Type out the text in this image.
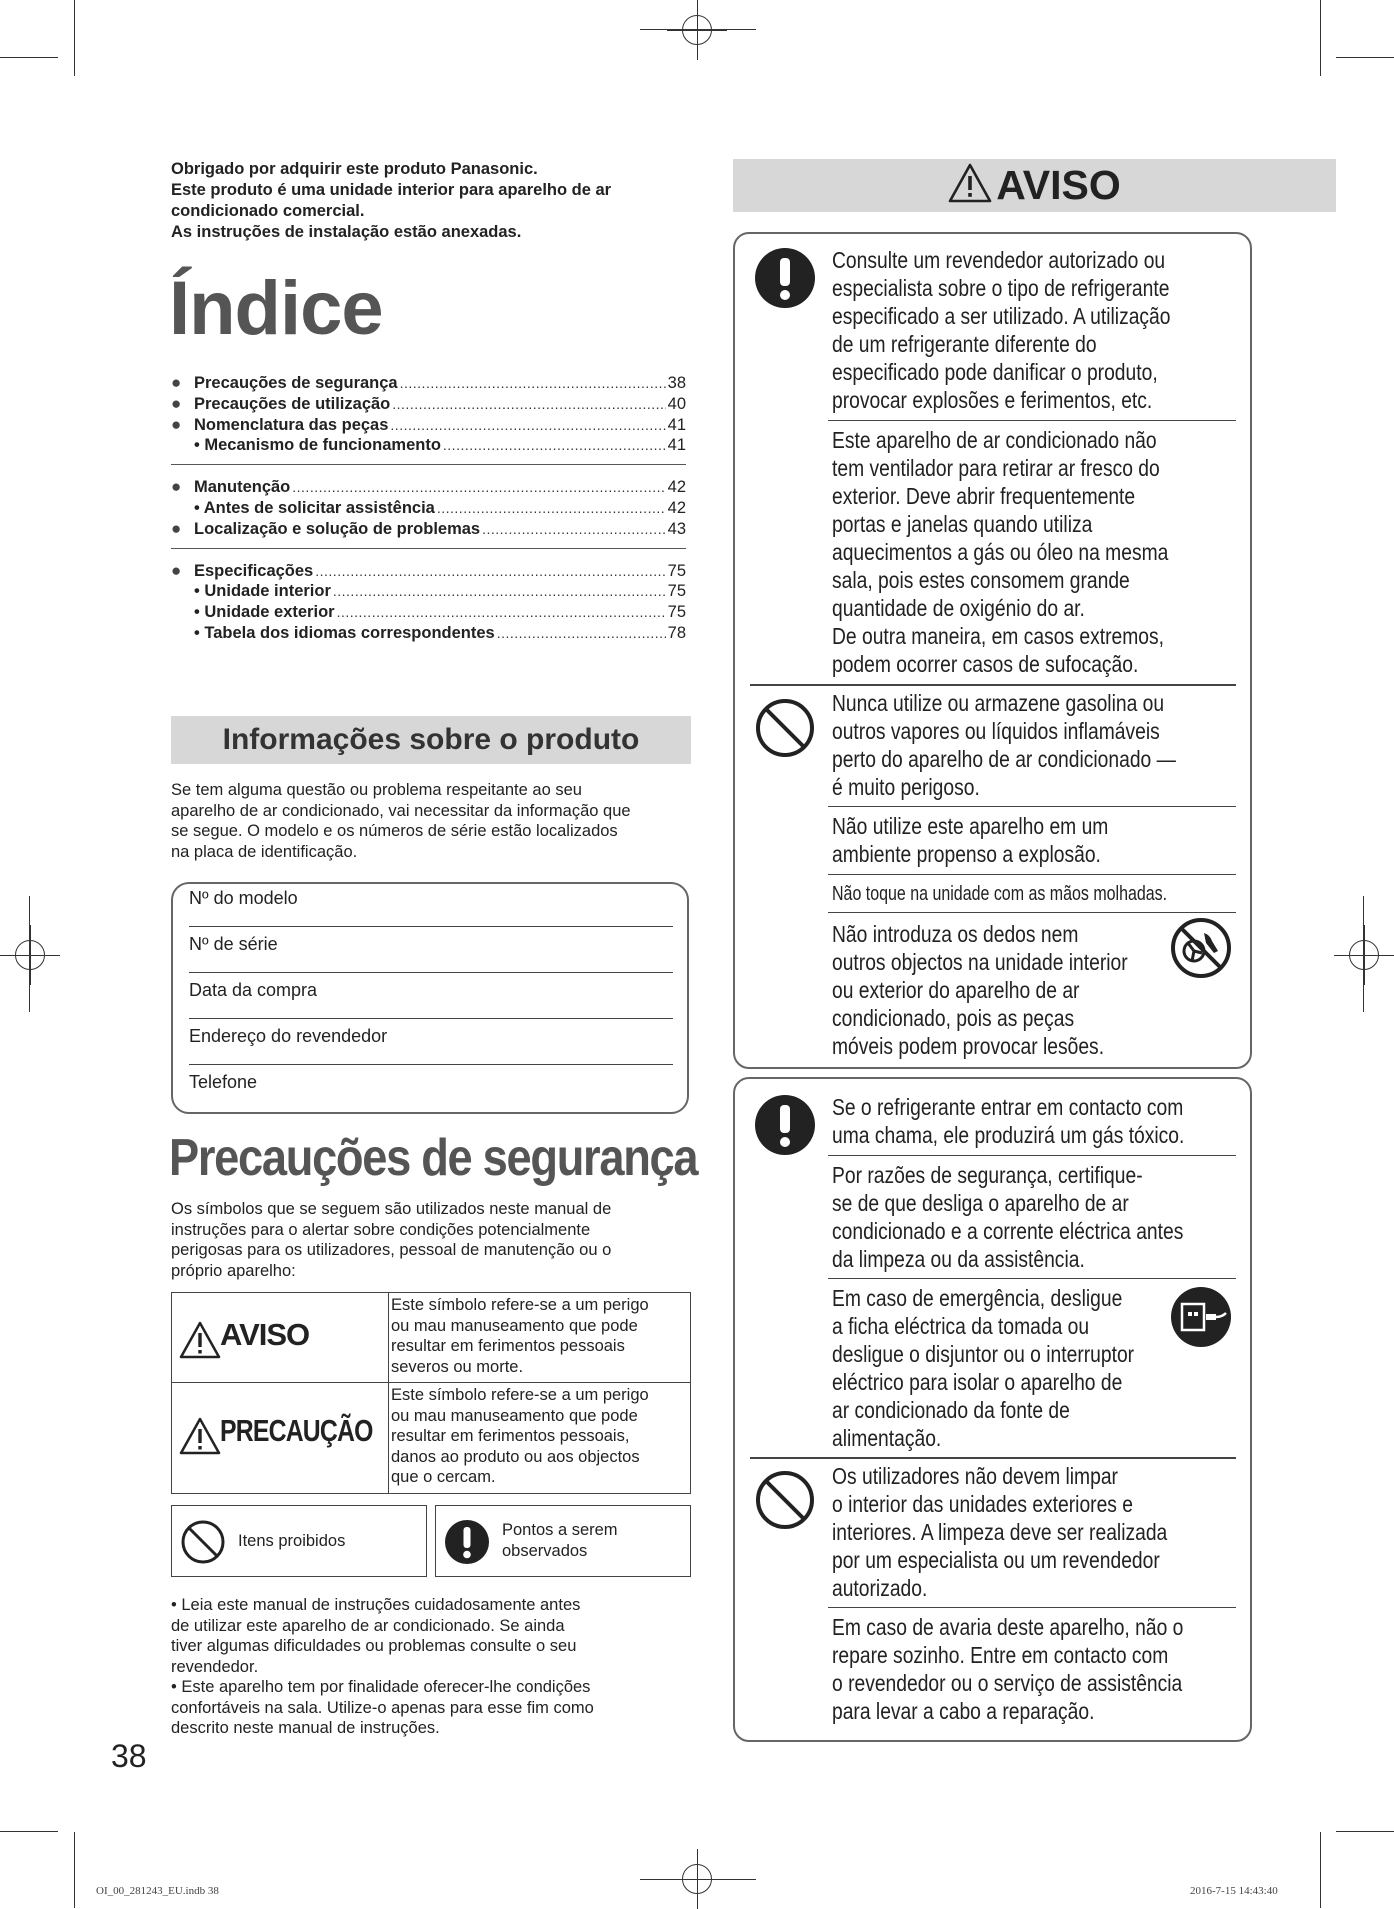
Obrigado por adquirir este produto Panasonic.
Este produto é uma unidade interior para aparelho de ar
condicionado comercial.
As instruções de instalação estão anexadas.
Índice
● Precauções de segurança .....	38
● Precauções de utilização .....	40
● Nomenclatura das peças .....	41
• Mecanismo de funcionamento .....	41
● Manutenção .....	42
• Antes de solicitar assistência .....	42
● Localização e solução de problemas .....	43
● Especificações .....	75
• Unidade interior .....	75
• Unidade exterior .....	75
• Tabela dos idiomas correspondentes .....	78
Informações sobre o produto
Se tem alguma questão ou problema respeitante ao seu
aparelho de ar condicionado, vai necessitar da informação que
se segue. O modelo e os números de série estão localizados
na placa de identificação.
Nº do modelo
Nº de série
Data da compra
Endereço do revendedor
Telefone
Precauções de segurança
Os símbolos que se seguem são utilizados neste manual de
instruções para o alertar sobre condições potencialmente
perigosas para os utilizadores, pessoal de manutenção ou o
próprio aparelho:
AVISO
Este símbolo refere-se a um perigo
ou mau manuseamento que pode
resultar em ferimentos pessoais
severos ou morte.
PRECAUÇÃO
Este símbolo refere-se a um perigo
ou mau manuseamento que pode
resultar em ferimentos pessoais,
danos ao produto ou aos objectos
que o cercam.
Itens proibidos
Pontos a serem
observados
• Leia este manual de instruções cuidadosamente antes
de utilizar este aparelho de ar condicionado. Se ainda
tiver algumas dificuldades ou problemas consulte o seu
revendedor.
• Este aparelho tem por finalidade oferecer-lhe condições
confortáveis na sala. Utilize-o apenas para esse fim como
descrito neste manual de instruções.
38
OI_00_281243_EU.indb 38	2016-7-15 14:43:40
AVISO
Consulte um revendedor autorizado ou
especialista sobre o tipo de refrigerante
especificado a ser utilizado. A utilização
de um refrigerante diferente do
especificado pode danificar o produto,
provocar explosões e ferimentos, etc.
Este aparelho de ar condicionado não
tem ventilador para retirar ar fresco do
exterior. Deve abrir frequentemente
portas e janelas quando utiliza
aquecimentos a gás ou óleo na mesma
sala, pois estes consomem grande
quantidade de oxigénio do ar.
De outra maneira, em casos extremos,
podem ocorrer casos de sufocação.
Nunca utilize ou armazene gasolina ou
outros vapores ou líquidos inflamáveis
perto do aparelho de ar condicionado —
é muito perigoso.
Não utilize este aparelho em um
ambiente propenso a explosão.
Não toque na unidade com as mãos molhadas.
Não introduza os dedos nem
outros objectos na unidade interior
ou exterior do aparelho de ar
condicionado, pois as peças
móveis podem provocar lesões.
Se o refrigerante entrar em contacto com
uma chama, ele produzirá um gás tóxico.
Por razões de segurança, certifique-
se de que desliga o aparelho de ar
condicionado e a corrente eléctrica antes
da limpeza ou da assistência.
Em caso de emergência, desligue
a ficha eléctrica da tomada ou
desligue o disjuntor ou o interruptor
eléctrico para isolar o aparelho de
ar condicionado da fonte de
alimentação.
Os utilizadores não devem limpar
o interior das unidades exteriores e
interiores. A limpeza deve ser realizada
por um especialista ou um revendedor
autorizado.
Em caso de avaria deste aparelho, não o
repare sozinho. Entre em contacto com
o revendedor ou o serviço de assistência
para levar a cabo a reparação.
